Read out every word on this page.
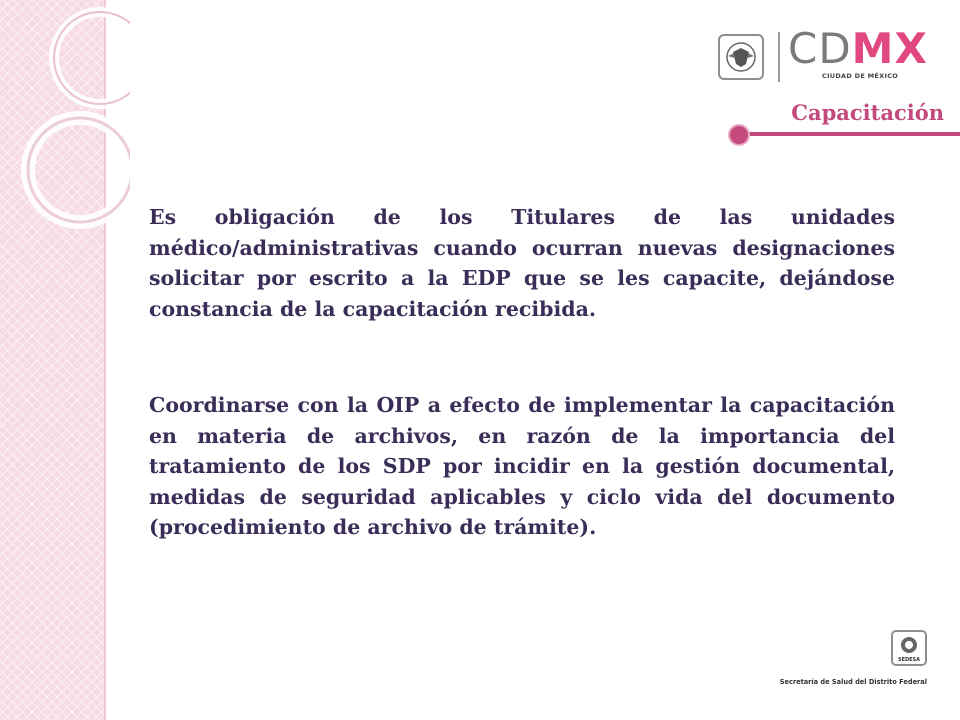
CDMX
CIUDAD DE MÉXICO
Capacitación

Es obligación de los Titulares de las unidades médico/administrativas cuando ocurran nuevas designaciones solicitar por escrito a la EDP que se les capacite, dejándose constancia de la capacitación recibida.

Coordinarse con la OIP a efecto de implementar la capacitación en materia de archivos, en razón de la importancia del tratamiento de los SDP por incidir en la gestión documental, medidas de seguridad aplicables y ciclo vida del documento (procedimiento de archivo de trámite).

SEDESA
Secretaría de Salud del Distrito Federal
